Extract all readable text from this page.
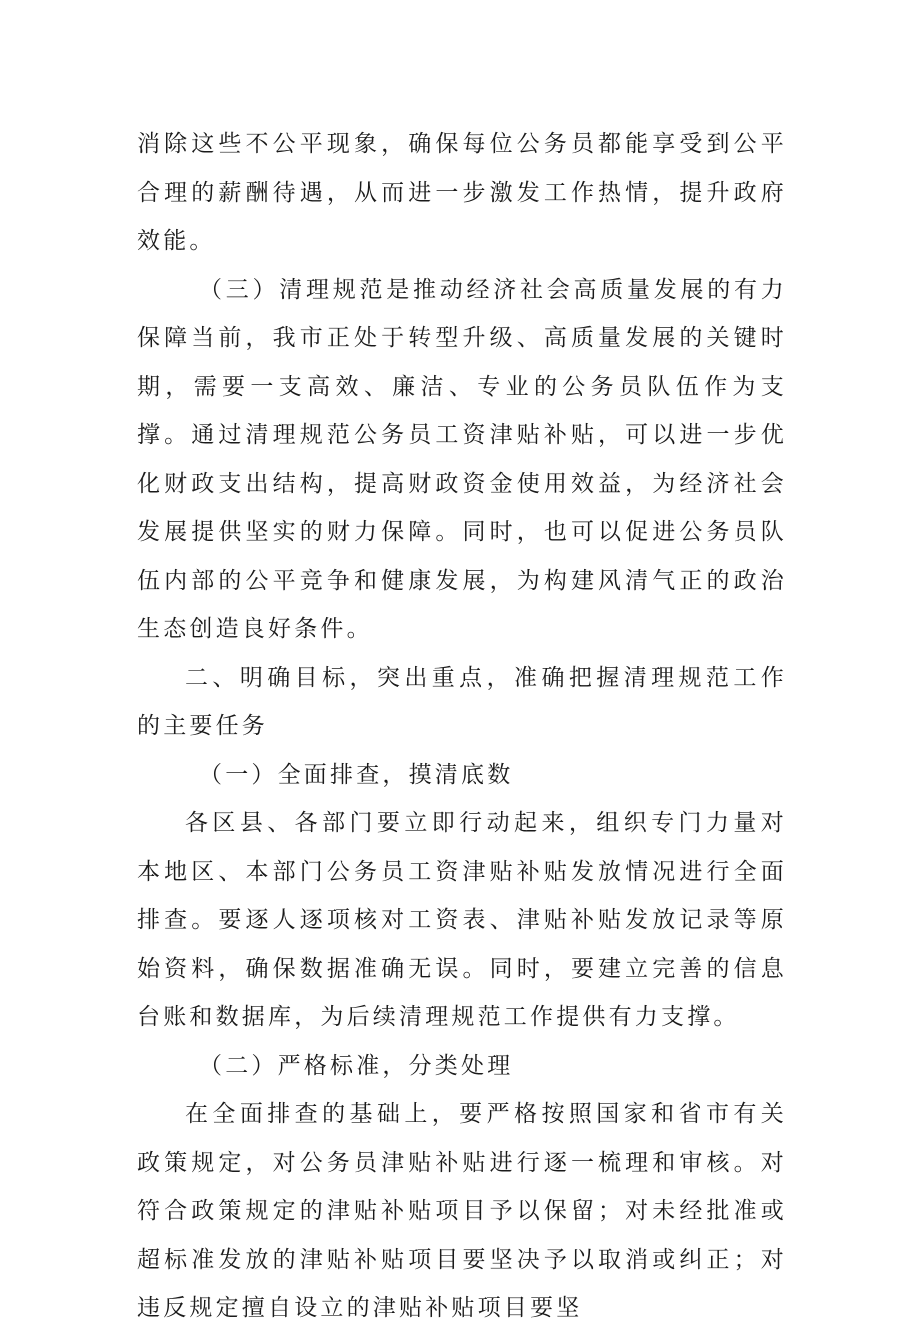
消除这些不公平现象，确保每位公务员都能享受到公平合理的薪酬待遇，从而进一步激发工作热情，提升政府效能。

（三）清理规范是推动经济社会高质量发展的有力保障当前，我市正处于转型升级、高质量发展的关键时期，需要一支高效、廉洁、专业的公务员队伍作为支撑。通过清理规范公务员工资津贴补贴，可以进一步优化财政支出结构，提高财政资金使用效益，为经济社会发展提供坚实的财力保障。同时，也可以促进公务员队伍内部的公平竞争和健康发展，为构建风清气正的政治生态创造良好条件。

二、明确目标，突出重点，准确把握清理规范工作的主要任务

（一）全面排查，摸清底数

各区县、各部门要立即行动起来，组织专门力量对本地区、本部门公务员工资津贴补贴发放情况进行全面排查。要逐人逐项核对工资表、津贴补贴发放记录等原始资料，确保数据准确无误。同时，要建立完善的信息台账和数据库，为后续清理规范工作提供有力支撑。

（二）严格标准，分类处理

在全面排查的基础上，要严格按照国家和省市有关政策规定，对公务员津贴补贴进行逐一梳理和审核。对符合政策规定的津贴补贴项目予以保留；对未经批准或超标准发放的津贴补贴项目要坚决予以取消或纠正；对违反规定擅自设立的津贴补贴项目要坚
